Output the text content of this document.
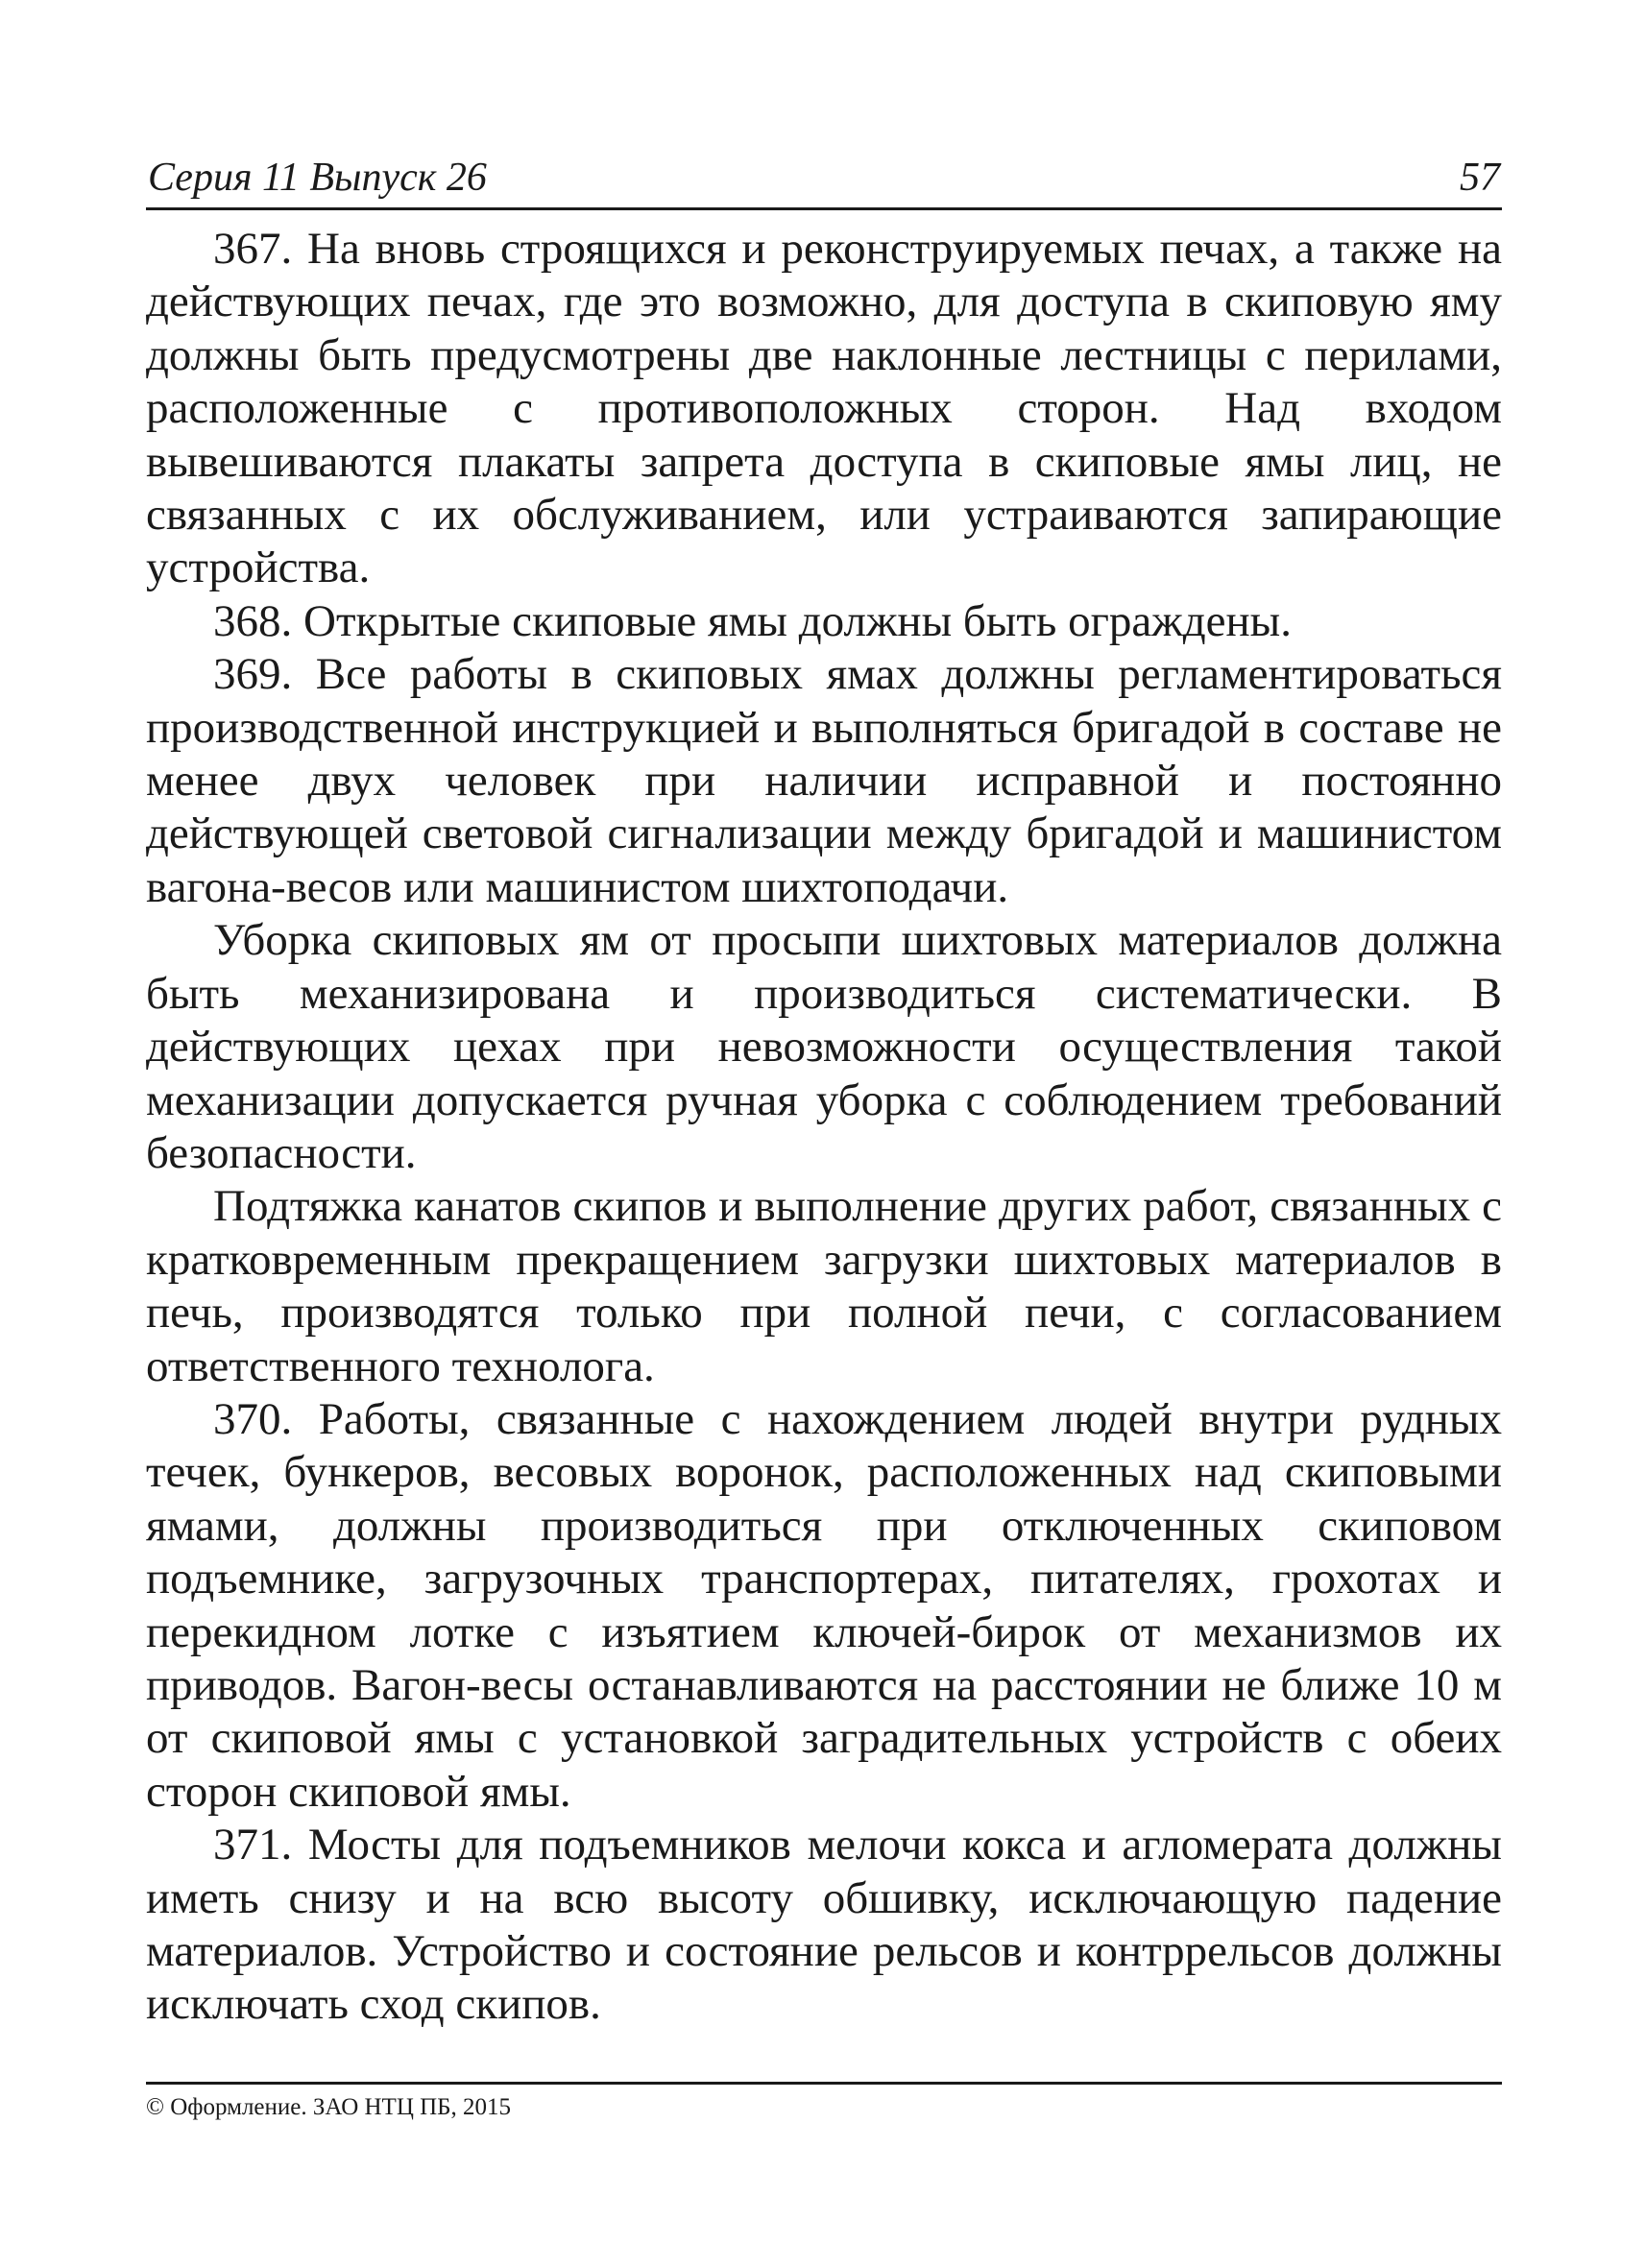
Серия 11 Выпуск 26	57

367. На вновь строящихся и реконструируемых печах, а также на действующих печах, где это возможно, для доступа в скиповую яму должны быть предусмотрены две наклонные лестницы с перилами, расположенные с противоположных сторон. Над входом вывешиваются плакаты запрета доступа в скиповые ямы лиц, не связанных с их обслуживанием, или устраиваются запирающие устройства.

368. Открытые скиповые ямы должны быть ограждены.

369. Все работы в скиповых ямах должны регламентироваться производственной инструкцией и выполняться бригадой в составе не менее двух человек при наличии исправной и постоянно действующей световой сигнализации между бригадой и машинистом вагона-весов или машинистом шихтоподачи.

Уборка скиповых ям от просыпи шихтовых материалов должна быть механизирована и производиться систематически. В действующих цехах при невозможности осуществления такой механизации допускается ручная уборка с соблюдением требований безопасности.

Подтяжка канатов скипов и выполнение других работ, связанных с кратковременным прекращением загрузки шихтовых материалов в печь, производятся только при полной печи, с согласованием ответственного технолога.

370. Работы, связанные с нахождением людей внутри рудных течек, бункеров, весовых воронок, расположенных над скиповыми ямами, должны производиться при отключенных скиповом подъемнике, загрузочных транспортерах, питателях, грохотах и перекидном лотке с изъятием ключей-бирок от механизмов их приводов. Вагон-весы останавливаются на расстоянии не ближе 10 м от скиповой ямы с установкой заградительных устройств с обеих сторон скиповой ямы.

371. Мосты для подъемников мелочи кокса и агломерата должны иметь снизу и на всю высоту обшивку, исключающую падение материалов. Устройство и состояние рельсов и контррельсов должны исключать сход скипов.

© Оформление. ЗАО НТЦ ПБ, 2015
